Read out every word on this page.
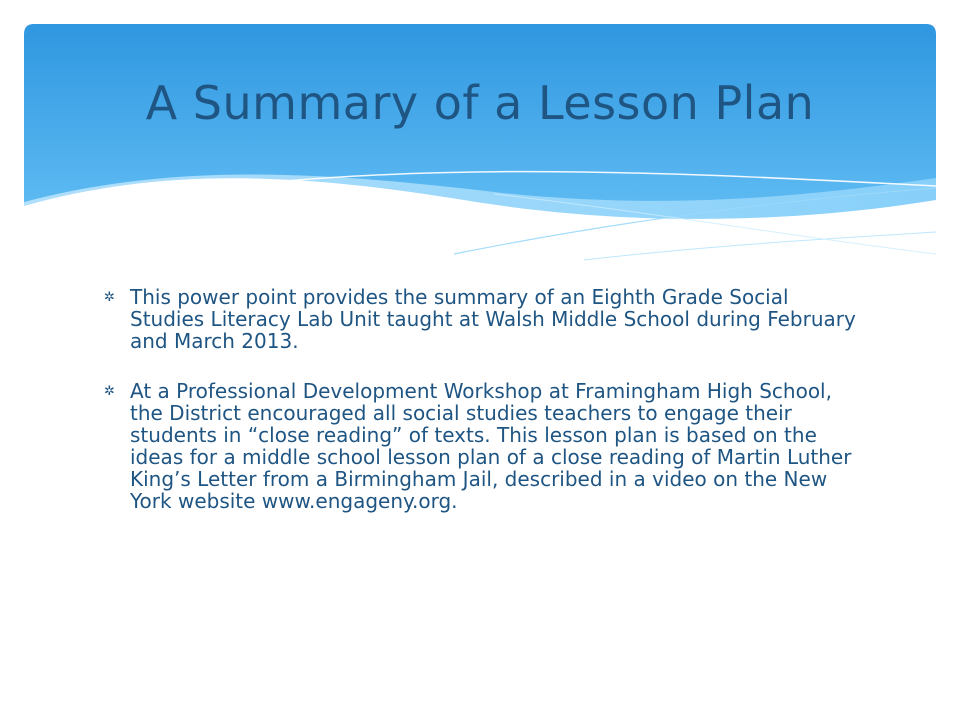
A Summary of a Lesson Plan
✲ This power point provides the summary of an Eighth Grade Social Studies Literacy Lab Unit taught at Walsh Middle School during February and March 2013.
✲ At a Professional Development Workshop at Framingham High School, the District encouraged all social studies teachers to engage their students in “close reading” of texts. This lesson plan is based on the ideas for a middle school lesson plan of a close reading of Martin Luther King’s Letter from a Birmingham Jail, described in a video on the New York website www.engageny.org.
